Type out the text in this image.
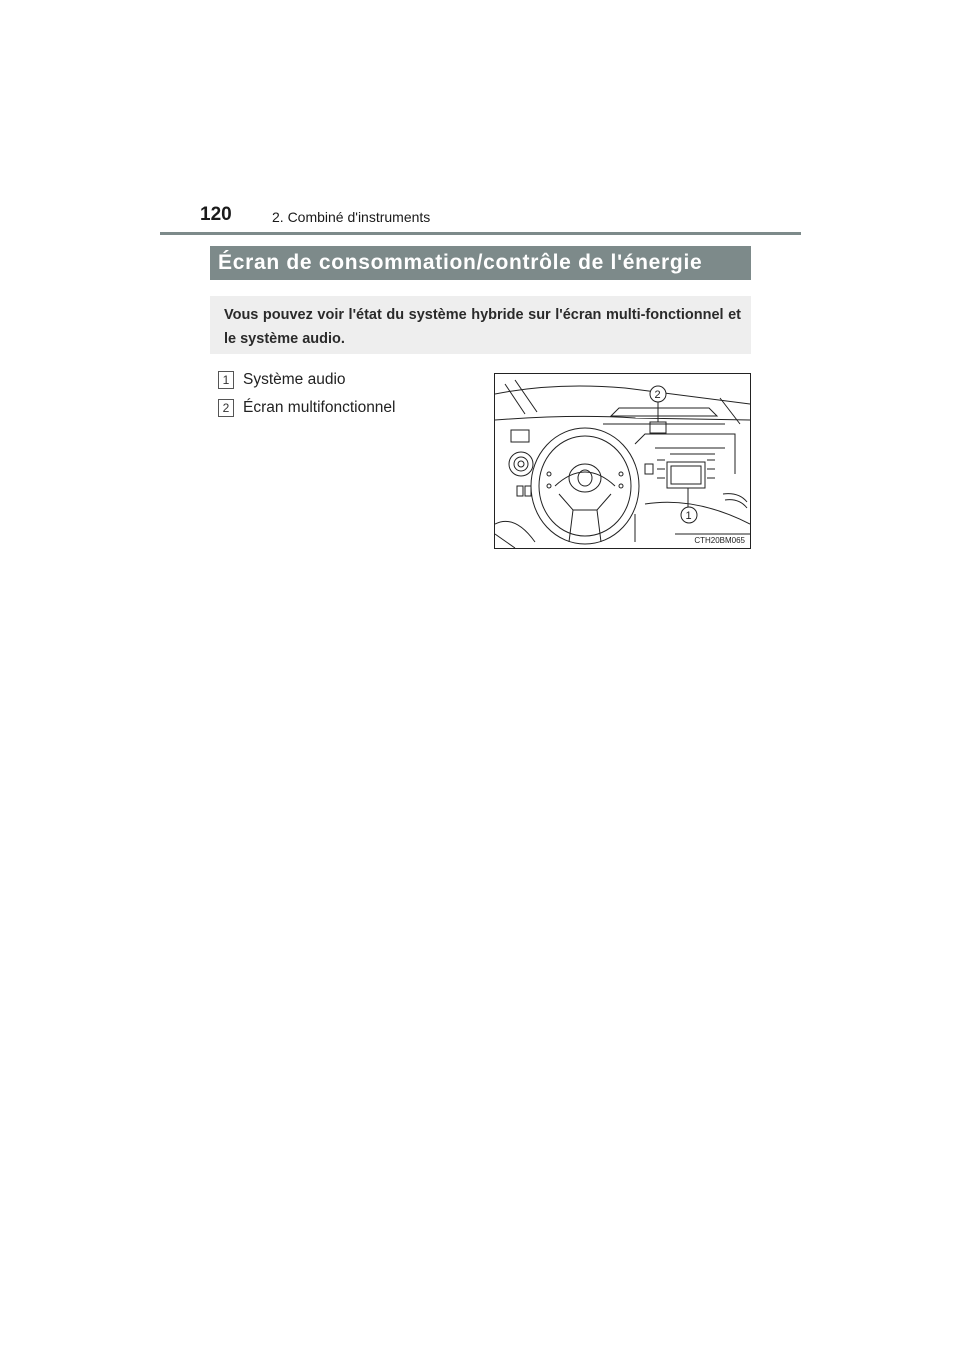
120	2. Combiné d'instruments
Écran de consommation/contrôle de l'énergie
Vous pouvez voir l'état du système hybride sur l'écran multi-fonctionnel et le système audio.
1 Système audio
2 Écran multifonctionnel
1
2
CTH20BM065
